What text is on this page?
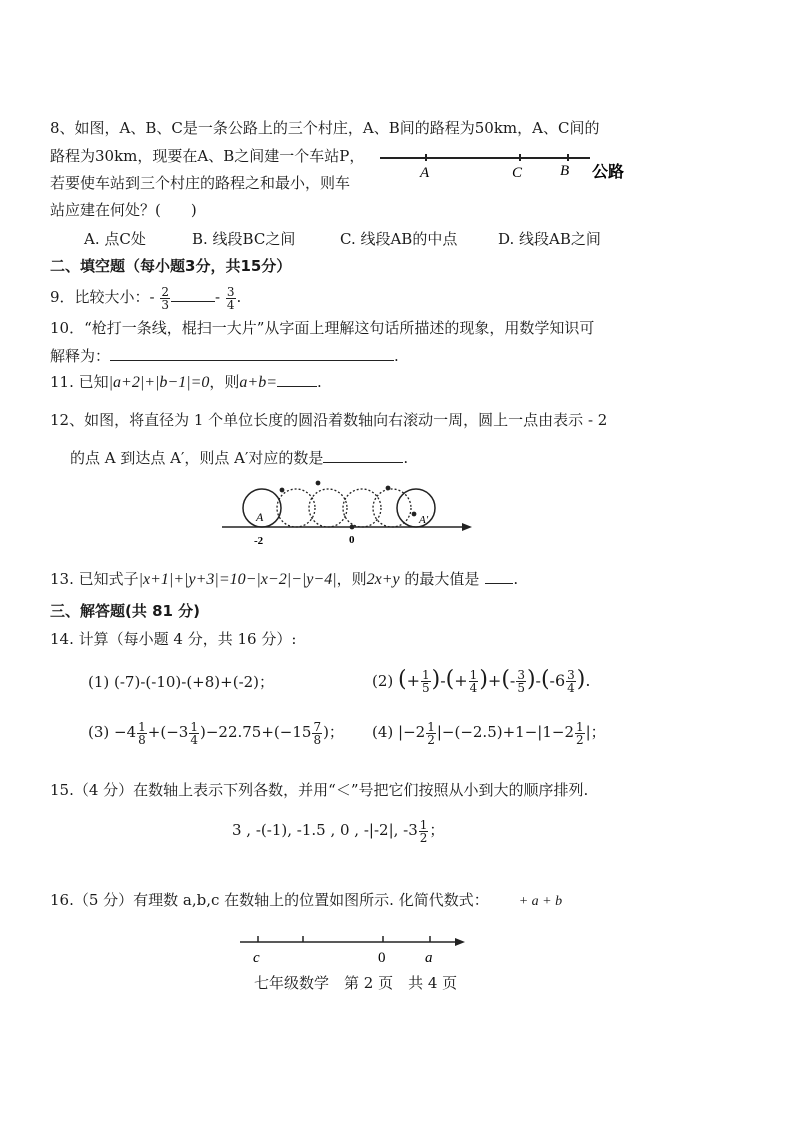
8、如图，A、B、C是一条公路上的三个村庄，A、B间的路程为50km，A、C间的
路程为30km，现要在A、B之间建一个车站P，
若要使车站到三个村庄的路程之和最小，则车
站应建在何处？(　　)
A	C	B 公路
A. 点C处	B. 线段BC之间	C. 线段AB的中点	D. 线段AB之间
二、填空题（每小题3分，共15分）
9．比较大小：- $\frac{2}{3}$	- $\frac{3}{4}$ .
10．“枪打一条线，棍扫一大片”从字面上理解这句话所描述的现象，用数学知识可
解释为：	.
11. 已知|a+2|+|b−1|=0，则a+b=	.
12、如图，将直径为 1 个单位长度的圆沿着数轴向右滚动一周，圆上一点由表示 - 2
的点 A 到达点 A′，则点 A′对应的数是	.
A	A′
-2	0
13. 已知式子|x+1|+|y+3|=10−|x−2|−|y−4|，则2x+y 的最大值是 .
三、解答题(共 81 分)
14. 计算（每小题 4 分，共 16 分）:
(1) (-7)-(-10)-(+8)+(-2)；	(2) (+ $\frac{1}{5}$ )-(+ $\frac{1}{4}$ )+(- $\frac{3}{5} )-(-6 \frac{3}{4}$ ).
$(3) -4 \frac{1}{8} +(-3 \frac{1}{4} )-22.75+(-15 \frac{7}{8}$ )； (4) $|-2 \frac{1}{2} |-(-2.5)+1-|1-2 \frac{1}{2}$ |；
15.（4 分）在数轴上表示下列各数，并用“＜”号把它们按照从小到大的顺序排列.
3 , -(-1), -1.5 , 0 , -|-2|, $-3 \frac{1}{2}$ ；
16.（5 分）有理数 a,b,c 在数轴上的位置如图所示. 化简代数式： + a + b
c	0	a
七年级数学　第 2 页　共 4 页
